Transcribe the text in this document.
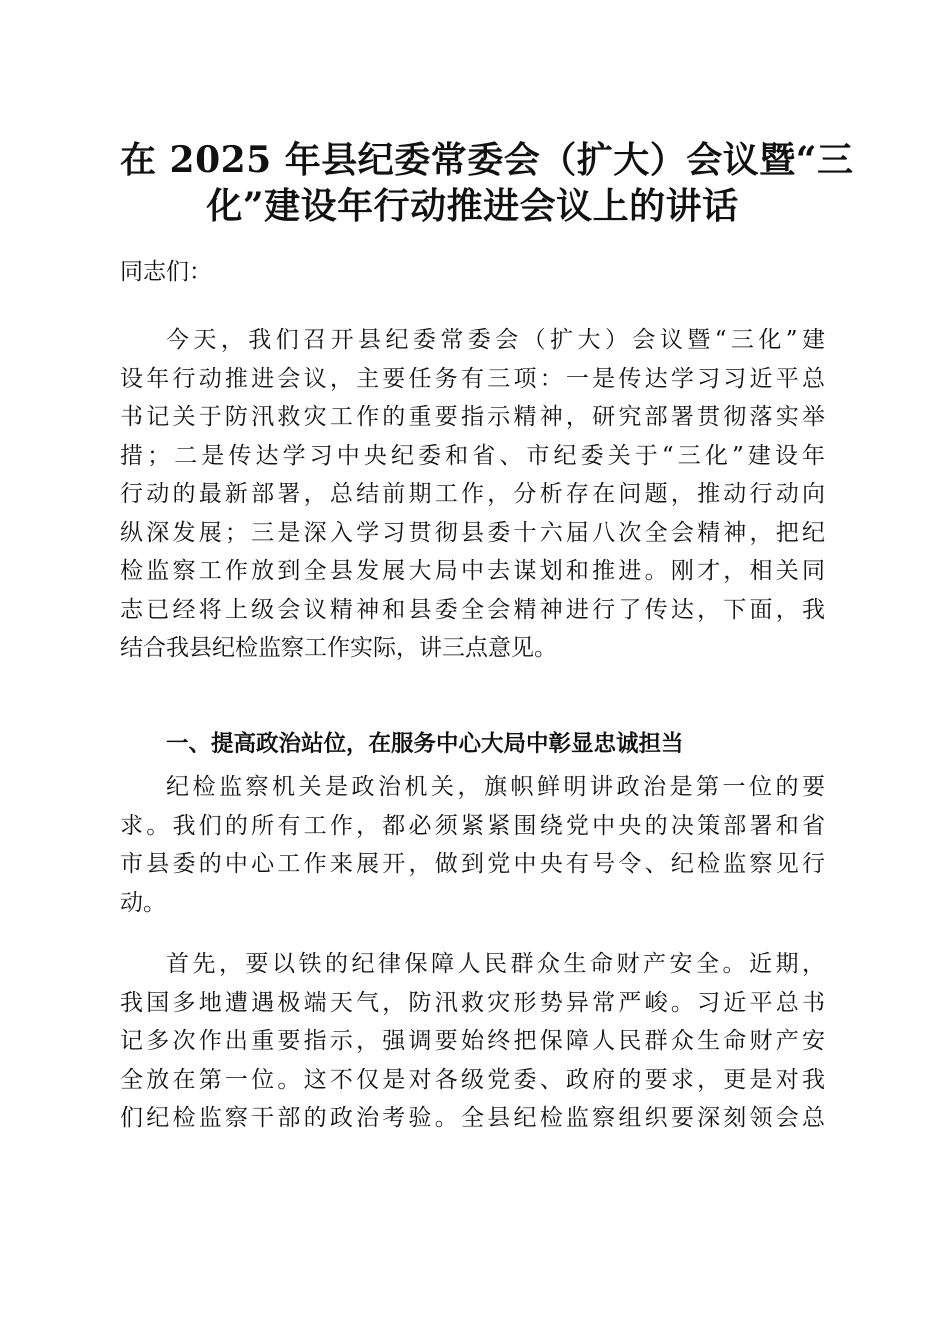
在 2025 年县纪委常委会（扩大）会议暨“三
化”建设年行动推进会议上的讲话

同志们：

今天，我们召开县纪委常委会（扩大）会议暨“三化”建
设年行动推进会议，主要任务有三项：一是传达学习习近平总
书记关于防汛救灾工作的重要指示精神，研究部署贯彻落实举
措；二是传达学习中央纪委和省、市纪委关于“三化”建设年
行动的最新部署，总结前期工作，分析存在问题，推动行动向
纵深发展；三是深入学习贯彻县委十六届八次全会精神，把纪
检监察工作放到全县发展大局中去谋划和推进。刚才，相关同
志已经将上级会议精神和县委全会精神进行了传达，下面，我
结合我县纪检监察工作实际，讲三点意见。
一、提高政治站位，在服务中心大局中彰显忠诚担当
纪检监察机关是政治机关，旗帜鲜明讲政治是第一位的要
求。我们的所有工作，都必须紧紧围绕党中央的决策部署和省
市县委的中心工作来展开，做到党中央有号令、纪检监察见行
动。
首先，要以铁的纪律保障人民群众生命财产安全。近期，
我国多地遭遇极端天气，防汛救灾形势异常严峻。习近平总书
记多次作出重要指示，强调要始终把保障人民群众生命财产安
全放在第一位。这不仅是对各级党委、政府的要求，更是对我
们纪检监察干部的政治考验。全县纪检监察组织要深刻领会总
